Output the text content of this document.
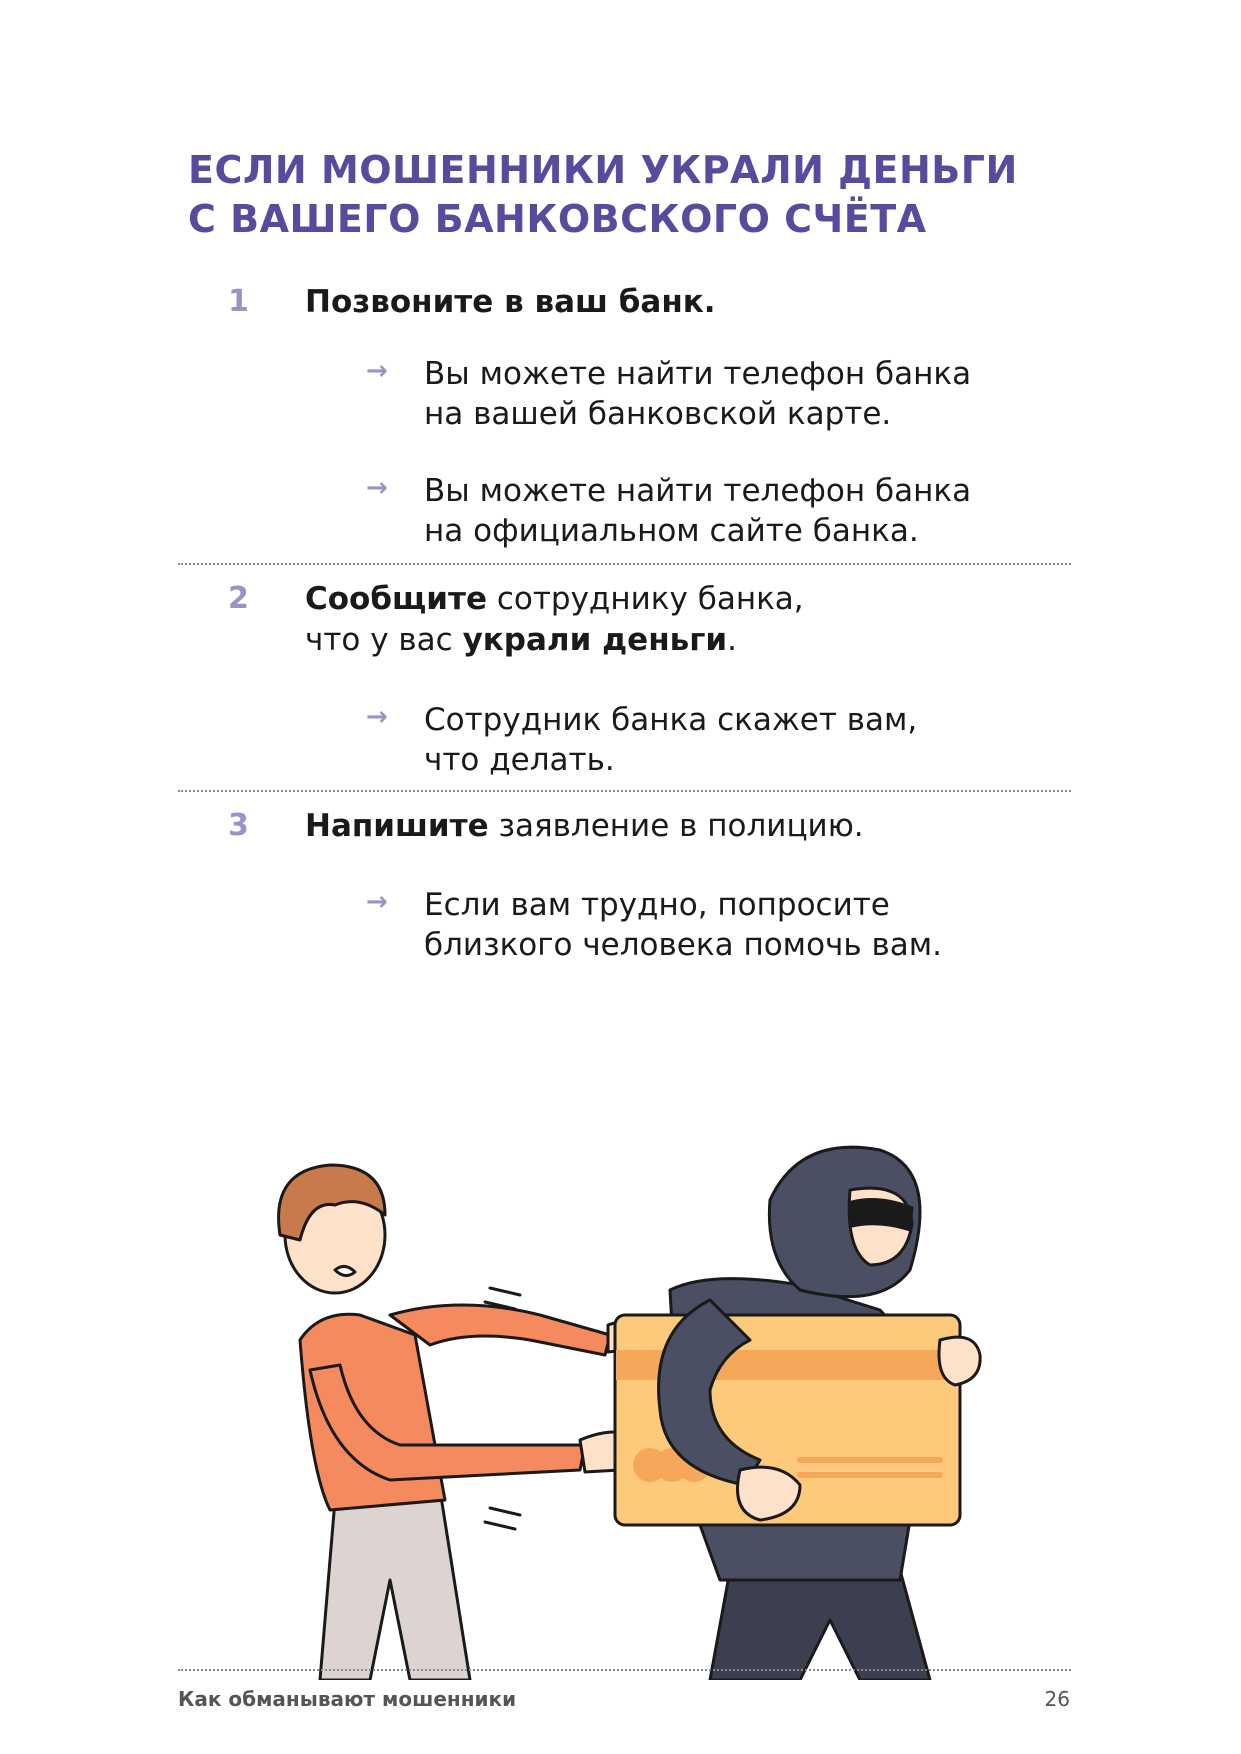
ЕСЛИ МОШЕННИКИ УКРАЛИ ДЕНЬГИ
С ВАШЕГО БАНКОВСКОГО СЧЁТА
1 Позвоните в ваш банк.
→ Вы можете найти телефон банка
на вашей банковской карте.
→ Вы можете найти телефон банка
на официальном сайте банка.
2 Сообщите сотруднику банка,
что у вас украли деньги.
→ Сотрудник банка скажет вам,
что делать.
3 Напишите заявление в полицию.
→ Если вам трудно, попросите
близкого человека помочь вам.
Как обманывают мошенники	26
